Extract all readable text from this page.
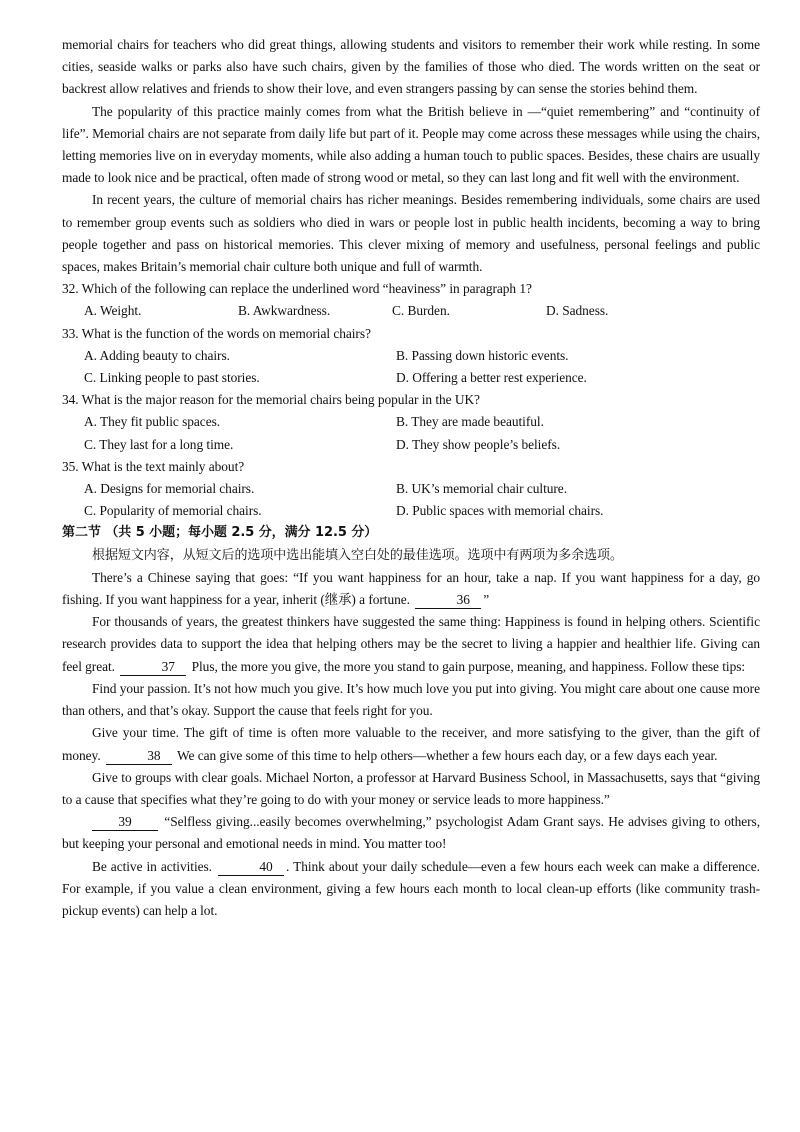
memorial chairs for teachers who did great things, allowing students and visitors to remember their work while resting. In some cities, seaside walks or parks also have such chairs, given by the families of those who died. The words written on the seat or backrest allow relatives and friends to show their love, and even strangers passing by can sense the stories behind them.

The popularity of this practice mainly comes from what the British believe in —“quiet remembering” and “continuity of life”. Memorial chairs are not separate from daily life but part of it. People may come across these messages while using the chairs, letting memories live on in everyday moments, while also adding a human touch to public spaces. Besides, these chairs are usually made to look nice and be practical, often made of strong wood or metal, so they can last long and fit well with the environment.

In recent years, the culture of memorial chairs has richer meanings. Besides remembering individuals, some chairs are used to remember group events such as soldiers who died in wars or people lost in public health incidents, becoming a way to bring people together and pass on historical memories. This clever mixing of memory and usefulness, personal feelings and public spaces, makes Britain’s memorial chair culture both unique and full of warmth.

32. Which of the following can replace the underlined word “heaviness” in paragraph 1?

A. Weight.	B. Awkwardness.	C. Burden.	D. Sadness.

33. What is the function of the words on memorial chairs?

A. Adding beauty to chairs.	B. Passing down historic events.
C. Linking people to past stories.	D. Offering a better rest experience.

34. What is the major reason for the memorial chairs being popular in the UK?

A. They fit public spaces.	B. They are made beautiful.
C. They last for a long time.	D. They show people’s beliefs.

35. What is the text mainly about?

A. Designs for memorial chairs.	B. UK’s memorial chair culture.
C. Popularity of memorial chairs.	D. Public spaces with memorial chairs.

第二节 （共 5 小题；每小题 2.5 分，满分 12.5 分）

根据短文内容，从短文后的选项中选出能填入空白处的最佳选项。选项中有两项为多余选项。

There’s a Chinese saying that goes: “If you want happiness for an hour, take a nap. If you want happiness for a day, go fishing. If you want happiness for a year, inherit (继承) a fortune.	36 ”

For thousands of years, the greatest thinkers have suggested the same thing: Happiness is found in helping others. Scientific research provides data to support the idea that helping others may be the secret to living a happier and healthier life. Giving can feel great.	37 Plus, the more you give, the more you stand to gain purpose, meaning, and happiness. Follow these tips:

Find your passion. It’s not how much you give. It’s how much love you put into giving. You might care about one cause more than others, and that’s okay. Support the cause that feels right for you.

Give your time. The gift of time is often more valuable to the receiver, and more satisfying to the giver, than the gift of money.	38 We can give some of this time to help others—whether a few hours each day, or a few days each year.

Give to groups with clear goals. Michael Norton, a professor at Harvard Business School, in Massachusetts, says that “giving to a cause that specifies what they’re going to do with your money or service leads to more happiness.”

39 “Selfless giving...easily becomes overwhelming,” psychologist Adam Grant says. He advises giving to others, but keeping your personal and emotional needs in mind. You matter too!

Be active in activities.	40 . Think about your daily schedule—even a few hours each week can make a difference. For example, if you value a clean environment, giving a few hours each month to local clean-up efforts (like community trash-pickup events) can help a lot.
